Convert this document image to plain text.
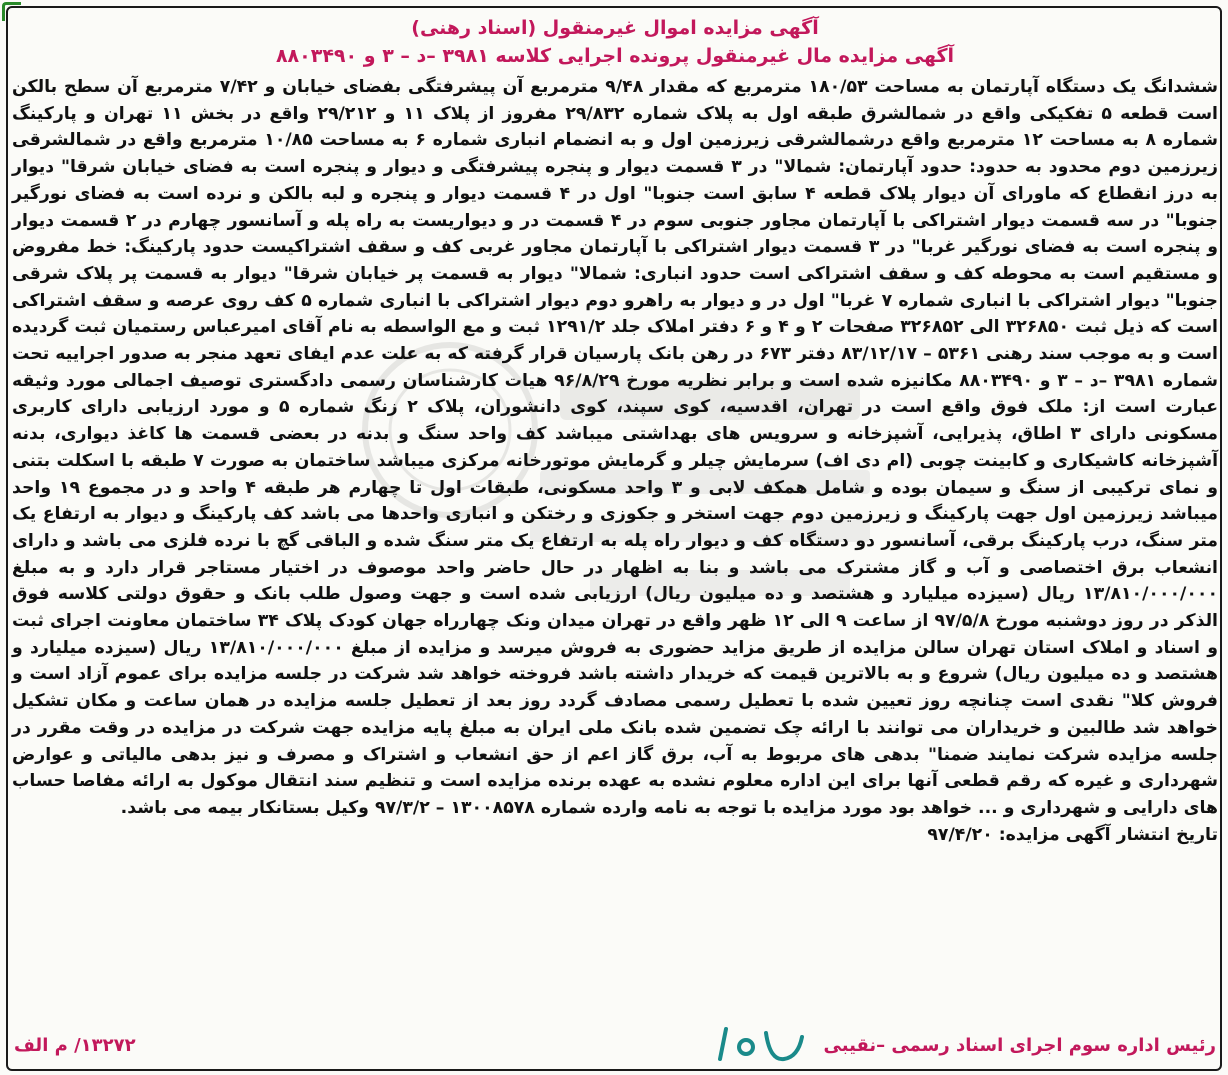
آگهی مزایده اموال غیرمنقول (اسناد رهنی)

آگهی مزایده مال غیرمنقول پرونده اجرایی کلاسه ۳۹۸۱ –د – ۳ و ۸۸۰۳۴۹۰

ششدانگ یک دستگاه آپارتمان به مساحت ۱۸۰/۵۳ مترمربع که مقدار ۹/۴۸ مترمربع آن پیشرفتگی بفضای خیابان و ۷/۴۲ مترمربع آن سطح بالکن است قطعه ۵ تفکیکی واقع در شمالشرق طبقه اول به پلاک شماره ۲۹/۸۳۲ مفروز از پلاک ۱۱ و ۲۹/۲۱۲ واقع در بخش ۱۱ تهران و پارکینگ شماره ۸ به مساحت ۱۲ مترمربع واقع درشمالشرقی زیرزمین اول و به انضمام انباری شماره ۶ به مساحت ۱۰/۸۵ مترمربع واقع در شمالشرقی زیرزمین دوم محدود به حدود: حدود آپارتمان: شمالا" در ۳ قسمت دیوار و پنجره پیشرفتگی و دیوار و پنجره است به فضای خیابان شرقا" دیوار به درز انقطاع که ماورای آن دیوار پلاک قطعه ۴ سابق است جنوبا" اول در ۴ قسمت دیوار و پنجره و لبه بالکن و نرده است به فضای نورگیر جنوبا" در سه قسمت دیوار اشتراکی با آپارتمان مجاور جنوبی سوم در ۴ قسمت در و دیواریست به راه پله و آسانسور چهارم در ۲ قسمت دیوار و پنجره است به فضای نورگیر غربا" در ۳ قسمت دیوار اشتراکی با آپارتمان مجاور غربی کف و سقف اشتراکیست حدود پارکینگ: خط مفروض و مستقیم است به محوطه کف و سقف اشتراکی است حدود انباری: شمالا" دیوار به قسمت پر خیابان شرقا" دیوار به قسمت پر پلاک شرقی جنوبا" دیوار اشتراکی با انباری شماره ۷ غربا" اول در و دیوار به راهرو دوم دیوار اشتراکی با انباری شماره ۵ کف روی عرصه و سقف اشتراکی است که ذیل ثبت ۳۲۶۸۵۰ الی ۳۲۶۸۵۲ صفحات ۲ و ۴ و ۶ دفتر املاک جلد ۱۲۹۱/۲ ثبت و مع الواسطه به نام آقای امیرعباس رستمیان ثبت گردیده است و به موجب سند رهنی ۵۳۶۱ – ۸۳/۱۲/۱۷ دفتر ۶۷۳ در رهن بانک پارسیان قرار گرفته که به علت عدم ایفای تعهد منجر به صدور اجراییه تحت شماره ۳۹۸۱ –د – ۳ و ۸۸۰۳۴۹۰ مکانیزه شده است و برابر نظریه مورخ ۹۶/۸/۲۹ هیات کارشناسان رسمی دادگستری توصیف اجمالی مورد وثیقه عبارت است از: ملک فوق واقع است در تهران، اقدسیه، کوی سپند، کوی دانشوران، پلاک ۲ زنگ شماره ۵ و مورد ارزیابی دارای کاربری مسکونی دارای ۳ اطاق، پذیرایی، آشپزخانه و سرویس های بهداشتی میباشد کف واحد سنگ و بدنه در بعضی قسمت ها کاغذ دیواری، بدنه آشپزخانه کاشیکاری و کابینت چوبی (ام دی اف) سرمایش چیلر و گرمایش موتورخانه مرکزی میباشد ساختمان به صورت ۷ طبقه با اسکلت بتنی و نمای ترکیبی از سنگ و سیمان بوده و شامل همکف لابی و ۳ واحد مسکونی، طبقات اول تا چهارم هر طبقه ۴ واحد و در مجموع ۱۹ واحد میباشد زیرزمین اول جهت پارکینگ و زیرزمین دوم جهت استخر و جکوزی و رختکن و انباری واحدها می باشد کف پارکینگ و دیوار به ارتفاع یک متر سنگ، درب پارکینگ برقی، آسانسور دو دستگاه کف و دیوار راه پله به ارتفاع یک متر سنگ شده و الباقی گچ با نرده فلزی می باشد و دارای انشعاب برق اختصاصی و آب و گاز مشترک می باشد و بنا به اظهار در حال حاضر واحد موصوف در اختیار مستاجر قرار دارد و به مبلغ ۱۳/۸۱۰/۰۰۰/۰۰۰ ریال (سیزده میلیارد و هشتصد و ده میلیون ریال) ارزیابی شده است و جهت وصول طلب بانک و حقوق دولتی کلاسه فوق الذکر در روز دوشنبه مورخ ۹۷/۵/۸ از ساعت ۹ الی ۱۲ ظهر واقع در تهران میدان ونک چهارراه جهان کودک پلاک ۳۴ ساختمان معاونت اجرای ثبت و اسناد و املاک استان تهران سالن مزایده از طریق مزاید حضوری به فروش میرسد و مزایده از مبلغ ۱۳/۸۱۰/۰۰۰/۰۰۰ ریال (سیزده میلیارد و هشتصد و ده میلیون ریال) شروع و به بالاترین قیمت که خریدار داشته باشد فروخته خواهد شد شرکت در جلسه مزایده برای عموم آزاد است و فروش کلا" نقدی است چنانچه روز تعیین شده با تعطیل رسمی مصادف گردد روز بعد از تعطیل جلسه مزایده در همان ساعت و مکان تشکیل خواهد شد طالبین و خریداران می توانند با ارائه چک تضمین شده بانک ملی ایران به مبلغ پایه مزایده جهت شرکت در مزایده در وقت مقرر در جلسه مزایده شرکت نمایند ضمنا" بدهی های مربوط به آب، برق گاز اعم از حق انشعاب و اشتراک و مصرف و نیز بدهی مالیاتی و عوارض شهرداری و غیره که رقم قطعی آنها برای این اداره معلوم نشده به عهده برنده مزایده است و تنظیم سند انتقال موکول به ارائه مفاصا حساب های دارایی و شهرداری و ... خواهد بود مورد مزایده با توجه به نامه وارده شماره ۱۳۰۰۸۵۷۸ – ۹۷/۳/۲ وکیل بستانکار بیمه می باشد.

تاریخ انتشار آگهی مزایده: ۹۷/۴/۲۰

رئیس اداره سوم اجرای اسناد رسمی –نقیبی
۱۳۲۷۲/ م الف
